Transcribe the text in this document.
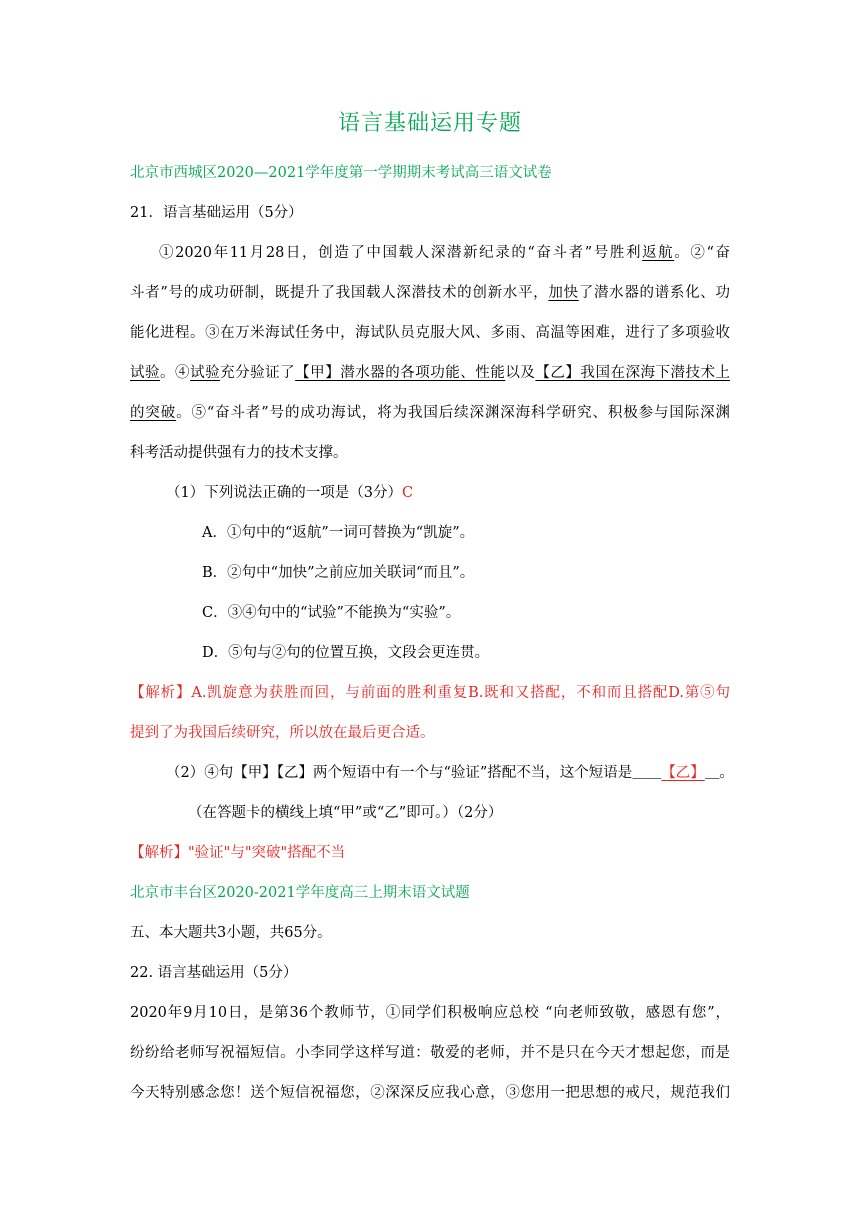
语言基础运用专题
北京市西城区2020—2021学年度第一学期期末考试高三语文试卷
21．语言基础运用（5分）
①2020年11月28日，创造了中国载人深潜新纪录的“奋斗者”号胜利返航。②“奋
斗者”号的成功研制，既提升了我国载人深潜技术的创新水平，加快了潜水器的谱系化、功
能化进程。③在万米海试任务中，海试队员克服大风、多雨、高温等困难，进行了多项验收
试验。④试验充分验证了【甲】潜水器的各项功能、性能以及【乙】我国在深海下潜技术上
的突破。⑤“奋斗者”号的成功海试，将为我国后续深渊深海科学研究、积极参与国际深渊
科考活动提供强有力的技术支撑。
（1）下列说法正确的一项是（3分）C
A．①句中的“返航”一词可替换为“凯旋”。
B．②句中“加快”之前应加关联词“而且”。
C．③④句中的“试验”不能换为“实验”。
D．⑤句与②句的位置互换，文段会更连贯。
【解析】A.凯旋意为获胜而回，与前面的胜利重复B.既和又搭配，不和而且搭配D.第⑤句
提到了为我国后续研究，所以放在最后更合适。
（2）④句【甲】【乙】两个短语中有一个与“验证”搭配不当，这个短语是＿＿【乙】＿。
（在答题卡的横线上填“甲”或“乙”即可。）（2分）
【解析】"验证"与"突破"搭配不当
北京市丰台区2020-2021学年度高三上期末语文试题
五、本大题共3小题，共65分。
22. 语言基础运用（5分）
2020年9月10日，是第36个教师节，①同学们积极响应总校 “向老师致敬，感恩有您”，
纷纷给老师写祝福短信。小李同学这样写道：敬爱的老师，并不是只在今天才想起您，而是
今天特别感念您！送个短信祝福您，②深深反应我心意，③您用一把思想的戒尺，规范我们
